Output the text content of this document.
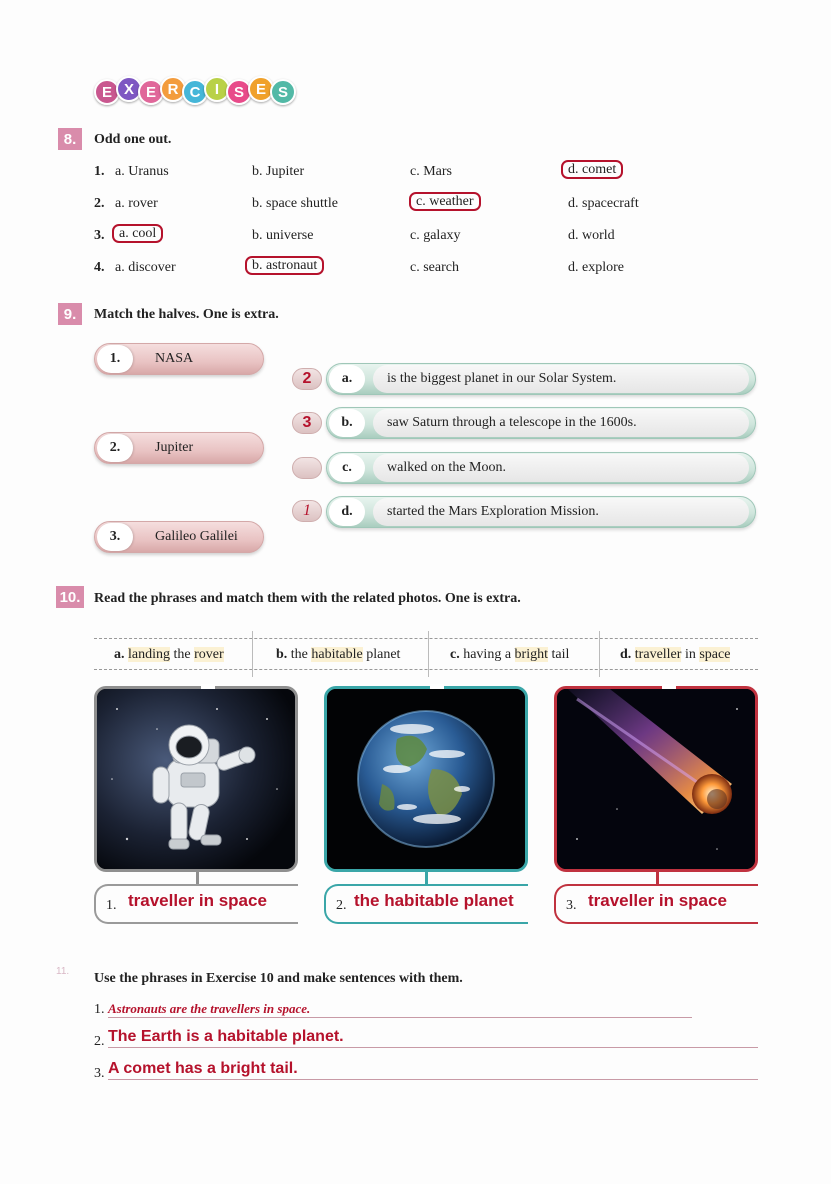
E X E R C I S E S
8.	Odd one out.
1. a. Uranus	b. Jupiter	c. Mars	d. comet
2. a. rover	b. space shuttle	c. weather	d. spacecraft
3. a. cool	b. universe	c. galaxy	d. world
4. a. discover	b. astronaut	c. search	d. explore
9.	Match the halves. One is extra.
1.	NASA
2.	Jupiter
3.	Galileo Galilei
2	a.	is the biggest planet in our Solar System.
3	b.	saw Saturn through a telescope in the 1600s.
c.	walked on the Moon.
1	d.	started the Mars Exploration Mission.
10. Read the phrases and match them with the related photos. One is extra.
a. landing the rover	b. the habitable planet	c. having a bright tail	d. traveller in space
1. traveller in space	2. the habitable planet	3. traveller in space
11.	Use the phrases in Exercise 10 and make sentences with them.
1. Astronauts are the travellers in space.
2. The Earth is a habitable planet.
3. A comet has a bright tail.
